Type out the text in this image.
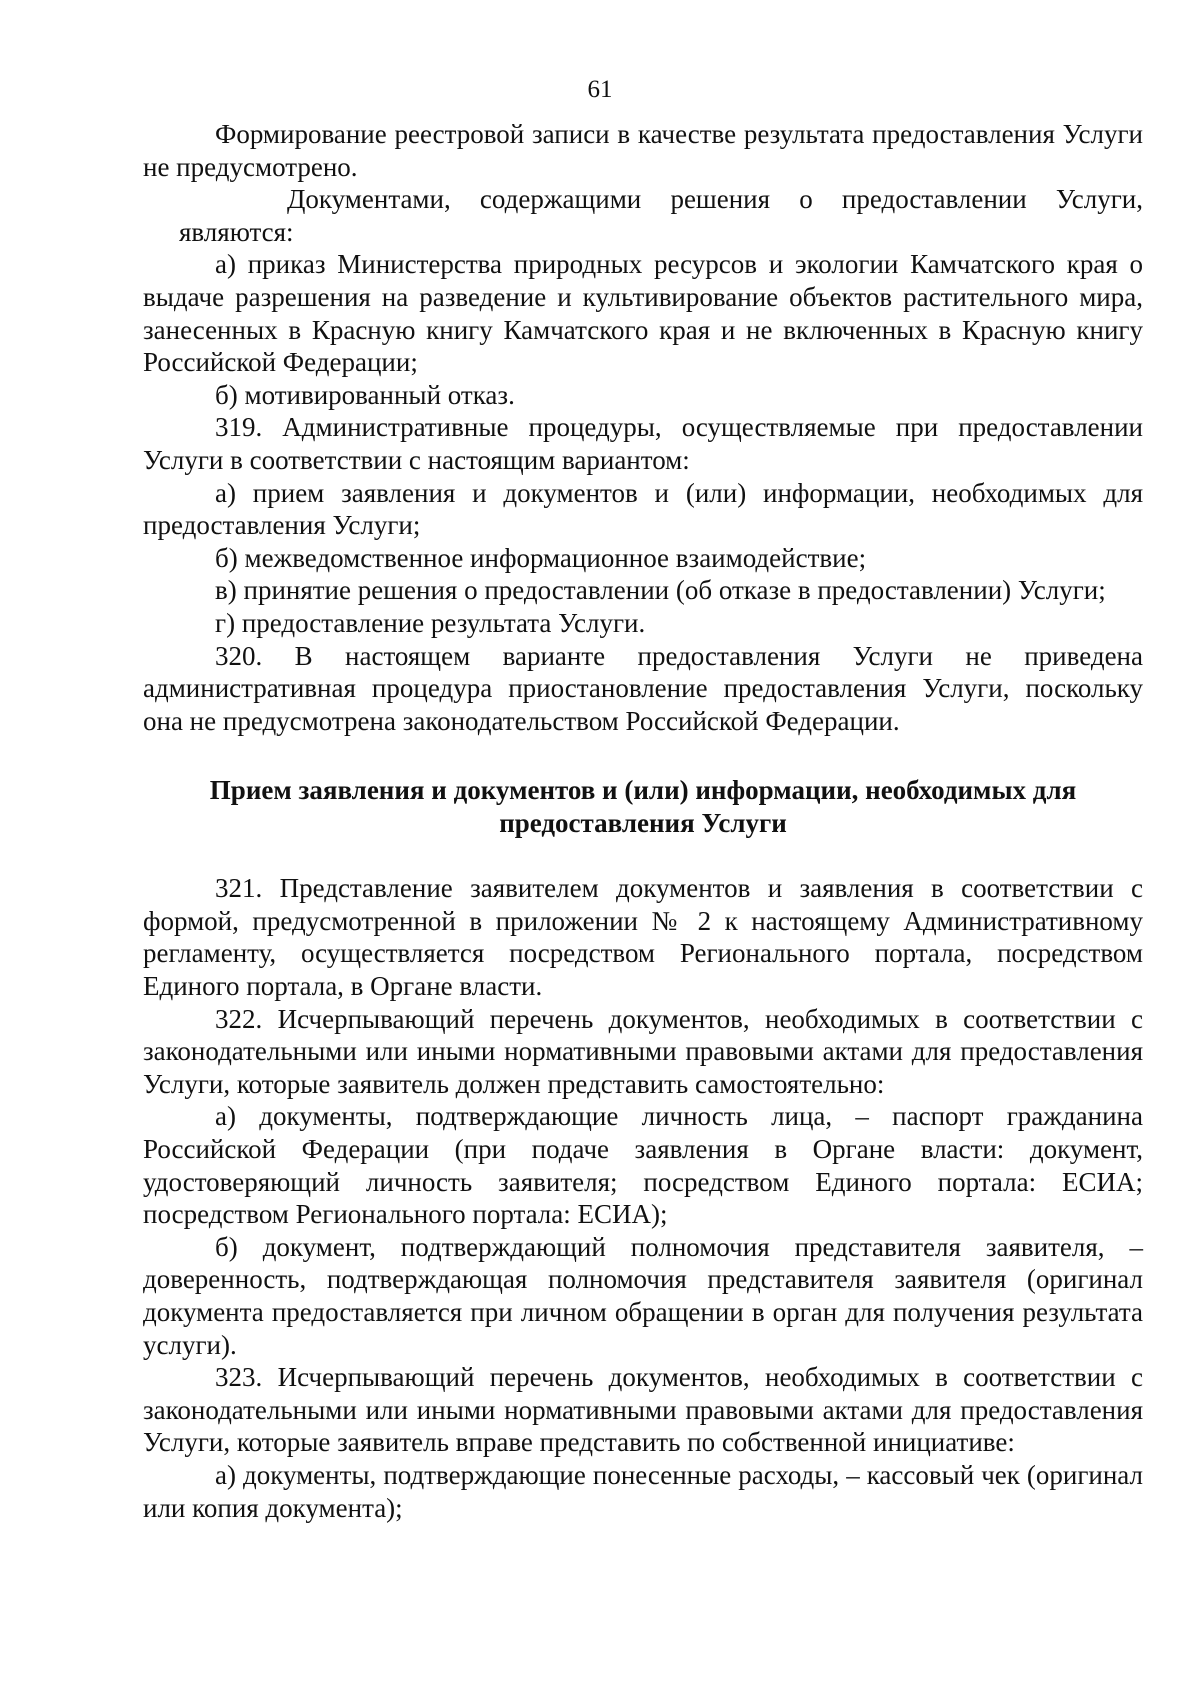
61

Формирование реестровой записи в качестве результата предоставления Услуги не предусмотрено.

Документами, содержащими решения о предоставлении Услуги, являются:

а) приказ Министерства природных ресурсов и экологии Камчатского края о выдаче разрешения на разведение и культивирование объектов растительного мира, занесенных в Красную книгу Камчатского края и не включенных в Красную книгу Российской Федерации;

б) мотивированный отказ.

319. Административные процедуры, осуществляемые при предоставлении Услуги в соответствии с настоящим вариантом:

а) прием заявления и документов и (или) информации, необходимых для предоставления Услуги;

б) межведомственное информационное взаимодействие;

в) принятие решения о предоставлении (об отказе в предоставлении) Услуги;

г) предоставление результата Услуги.

320. В настоящем варианте предоставления Услуги не приведена административная процедура приостановление предоставления Услуги, поскольку она не предусмотрена законодательством Российской Федерации.

Прием заявления и документов и (или) информации, необходимых для предоставления Услуги

321. Представление заявителем документов и заявления в соответствии с формой, предусмотренной в приложении № 2 к настоящему Административному регламенту, осуществляется посредством Регионального портала, посредством Единого портала, в Органе власти.

322. Исчерпывающий перечень документов, необходимых в соответствии с законодательными или иными нормативными правовыми актами для предоставления Услуги, которые заявитель должен представить самостоятельно:

а) документы, подтверждающие личность лица, – паспорт гражданина Российской Федерации (при подаче заявления в Органе власти: документ, удостоверяющий личность заявителя; посредством Единого портала: ЕСИА; посредством Регионального портала: ЕСИА);

б) документ, подтверждающий полномочия представителя заявителя, – доверенность, подтверждающая полномочия представителя заявителя (оригинал документа предоставляется при личном обращении в орган для получения результата услуги).

323. Исчерпывающий перечень документов, необходимых в соответствии с законодательными или иными нормативными правовыми актами для предоставления Услуги, которые заявитель вправе представить по собственной инициативе:

а) документы, подтверждающие понесенные расходы, – кассовый чек (оригинал или копия документа);
